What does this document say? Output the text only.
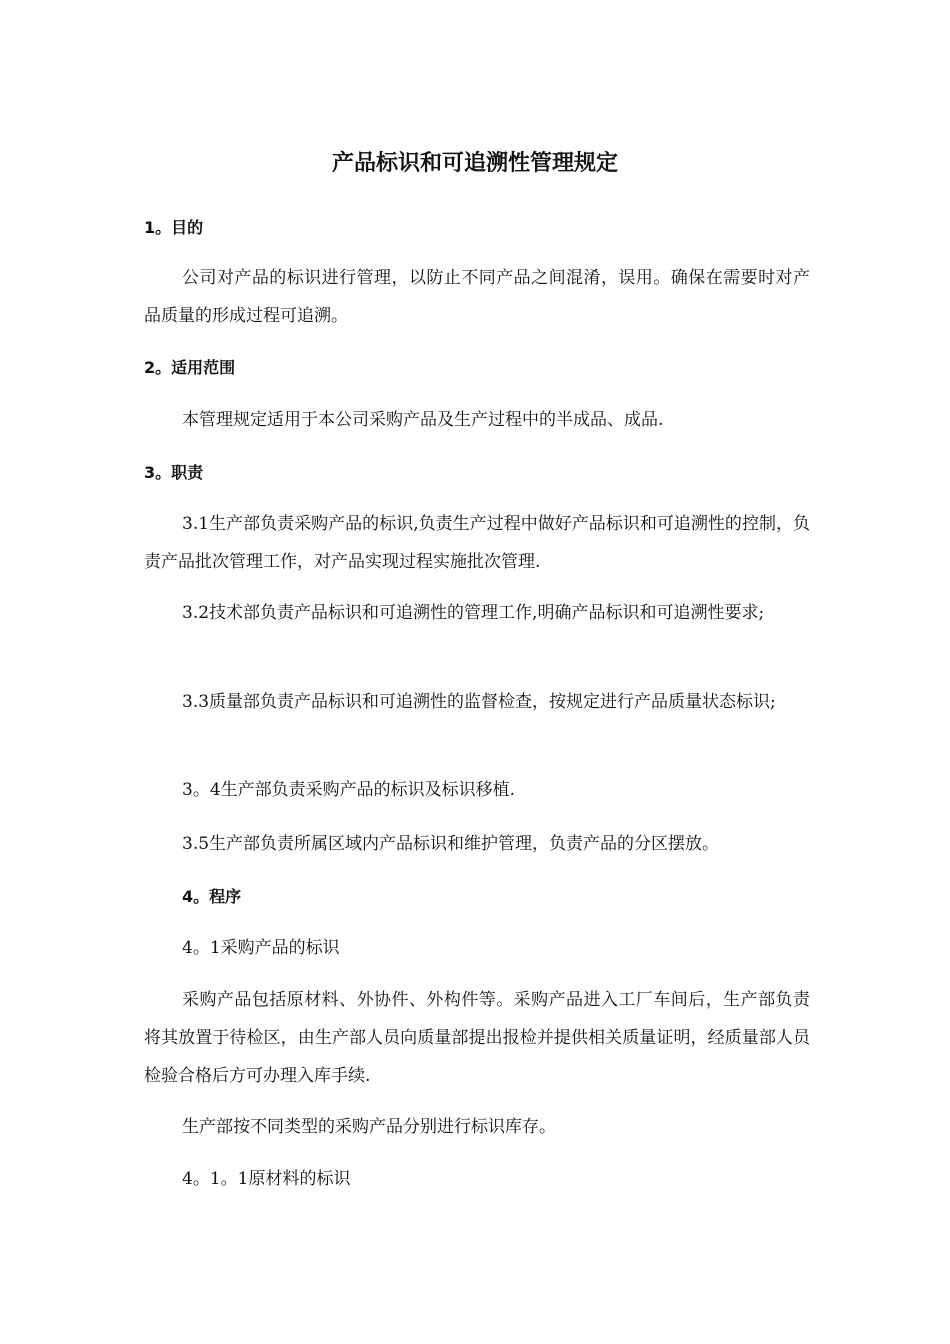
产品标识和可追溯性管理规定
1。目的

公司对产品的标识进行管理，以防止不同产品之间混淆，误用。确保在需要时对产品质量的形成过程可追溯。

2。适用范围

本管理规定适用于本公司采购产品及生产过程中的半成品、成品.

3。职责

3.1生产部负责采购产品的标识,负责生产过程中做好产品标识和可追溯性的控制，负责产品批次管理工作，对产品实现过程实施批次管理.

3.2技术部负责产品标识和可追溯性的管理工作,明确产品标识和可追溯性要求;

3.3质量部负责产品标识和可追溯性的监督检查，按规定进行产品质量状态标识;

3。4生产部负责采购产品的标识及标识移植.

3.5生产部负责所属区域内产品标识和维护管理，负责产品的分区摆放。

4。程序

4。1采购产品的标识

采购产品包括原材料、外协件、外构件等。采购产品进入工厂车间后，生产部负责将其放置于待检区，由生产部人员向质量部提出报检并提供相关质量证明，经质量部人员检验合格后方可办理入库手续.

生产部按不同类型的采购产品分别进行标识库存。

4。1。1原材料的标识
